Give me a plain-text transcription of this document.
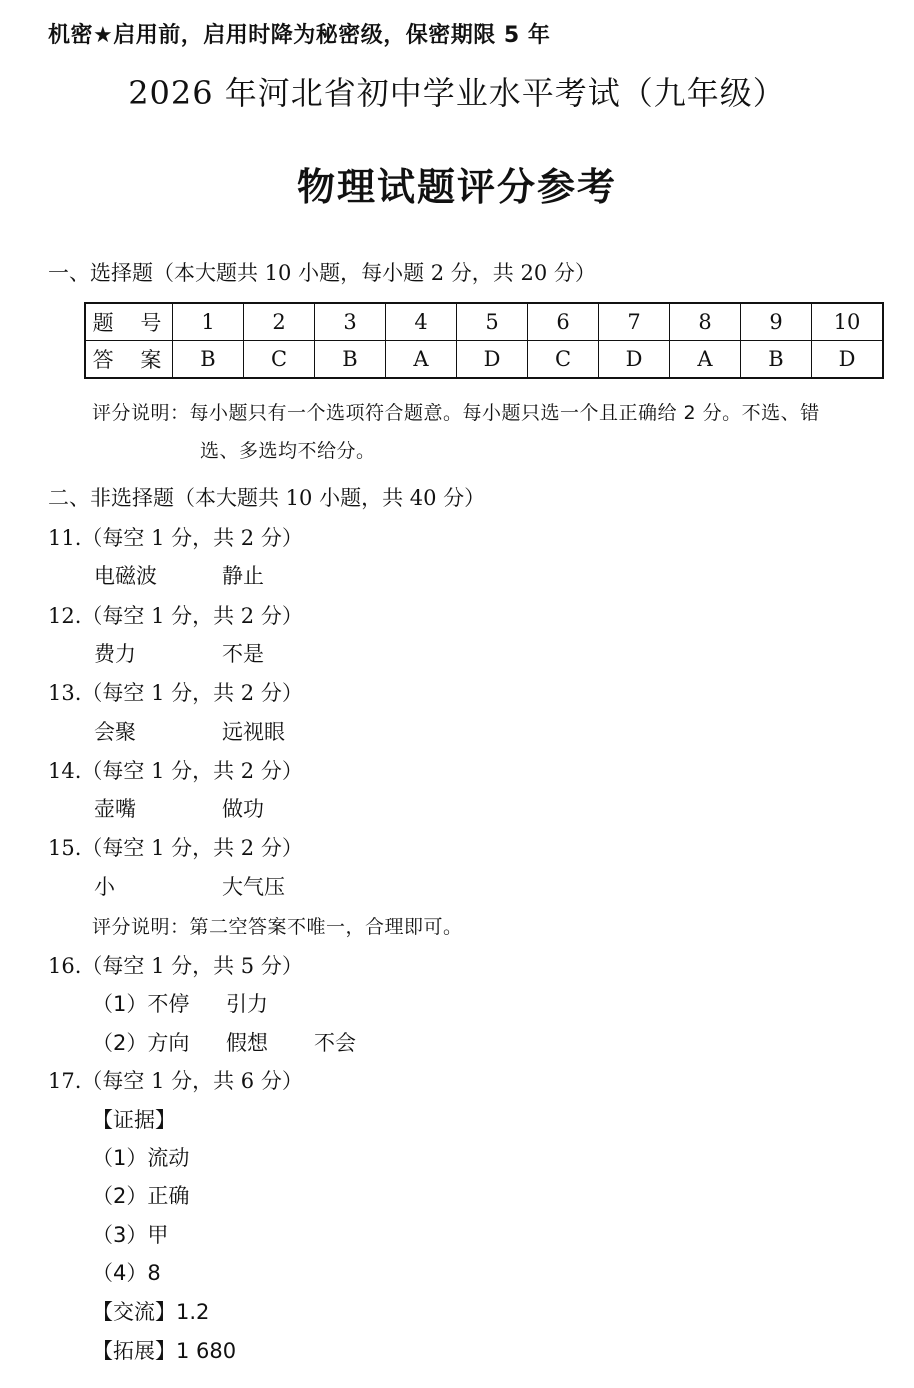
机密★启用前，启用时降为秘密级，保密期限 5 年
2026 年河北省初中学业水平考试（九年级）
物理试题评分参考
一、选择题（本大题共 10 小题，每小题 2 分，共 20 分）
题 号	1	2	3	4	5	6	7	8	9	10
答 案	B	C	B	A	D	C	D	A	B	D
评分说明：每小题只有一个选项符合题意。每小题只选一个且正确给 2 分。不选、错
选、多选均不给分。
二、非选择题（本大题共 10 小题，共 40 分）
11.（每空 1 分，共 2 分）
电磁波	静止
12.（每空 1 分，共 2 分）
费力	不是
13.（每空 1 分，共 2 分）
会聚	远视眼
14.（每空 1 分，共 2 分）
壶嘴	做功
15.（每空 1 分，共 2 分）
小	大气压
评分说明：第二空答案不唯一，合理即可。
16.（每空 1 分，共 5 分）
（1）不停 引力
（2）方向 假想 不会
17.（每空 1 分，共 6 分）
【证据】
（1）流动
（2）正确
（3）甲
（4）8
【交流】1.2
【拓展】1 680
